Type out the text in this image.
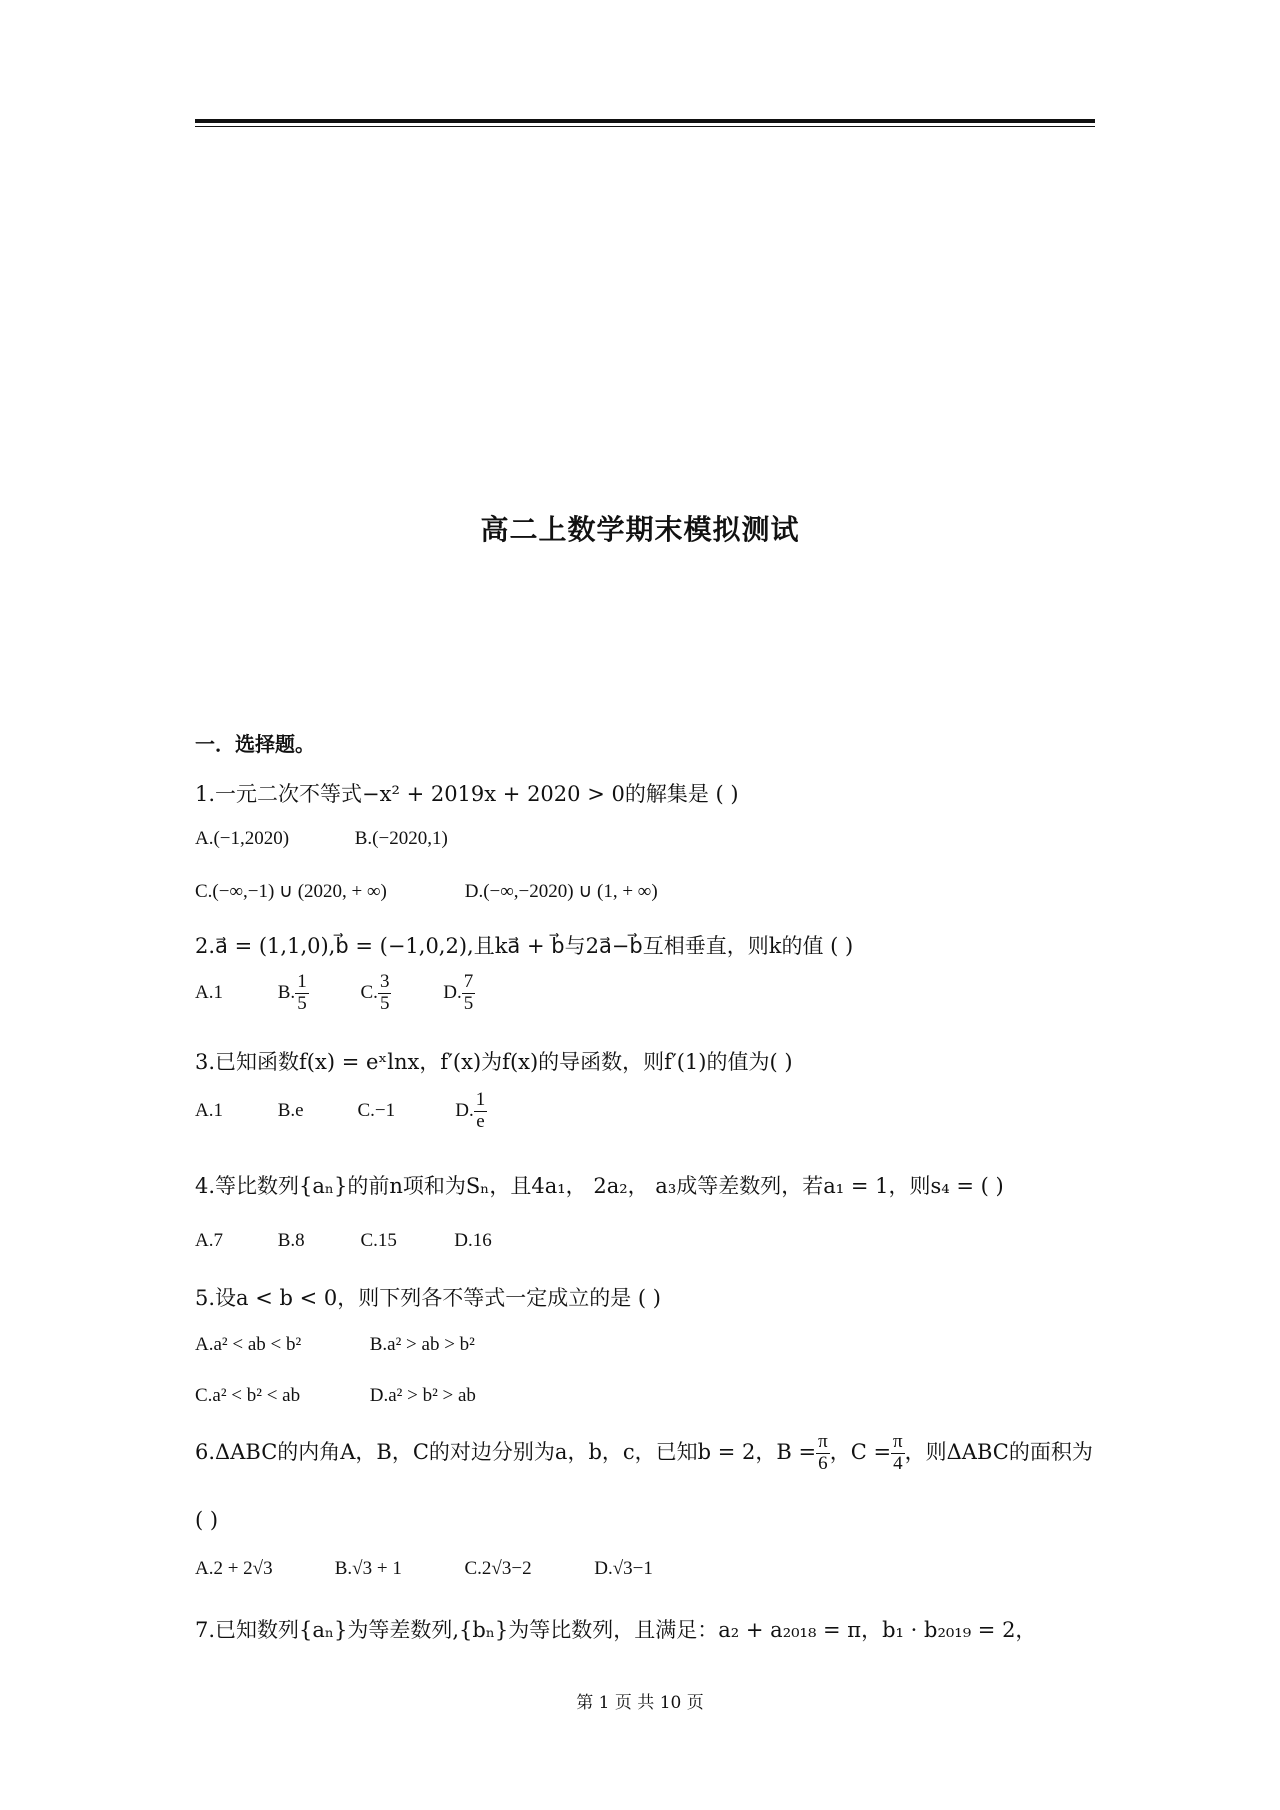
高二上数学期末模拟测试
一．选择题。
1.一元二次不等式−x² + 2019x + 2020 > 0的解集是 ( )
A.(−1,2020)	B.(−2020,1)
C.(−∞,−1) ∪ (2020, + ∞)	D.(−∞,−2020) ∪ (1, + ∞)
2.a⃗ = (1,1,0),b⃗ = (−1,0,2),且ka⃗ + b⃗与2a⃗−b⃗互相垂直，则k的值 ( )
A.1	B. $\frac{1}{5}$	C. $\frac{3}{5}$	D. $\frac{7}{5}$
3.已知函数f(x) = eˣlnx，f′(x)为f(x)的导函数，则f′(1)的值为( )
A.1	B.e	C.−1	D. $\frac{1}{e}$
4.等比数列{aₙ}的前n项和为Sₙ，且4a₁， 2a₂， a₃成等差数列，若a₁ = 1，则s₄ = ( )
A.7	B.8	C.15	D.16
5.设a < b < 0，则下列各不等式一定成立的是 ( )
A.a² < ab < b²	B.a² > ab > b²
C.a² < b² < ab	D.a² > b² > ab
6.ΔABC的内角A，B，C的对边分别为a，b，c，已知b = 2，$B = \frac{\pi}{6}$ ，$C = \frac{\pi}{4}$ ，则ΔABC的面积为
( )
A.2 + 2√3	B.√3 + 1	C.2√3−2	D.√3−1
7.已知数列{aₙ}为等差数列,{bₙ}为等比数列，且满足：a₂ + a₂₀₁₈ = π，b₁ · b₂₀₁₉ = 2，
第 1 页 共 10 页
